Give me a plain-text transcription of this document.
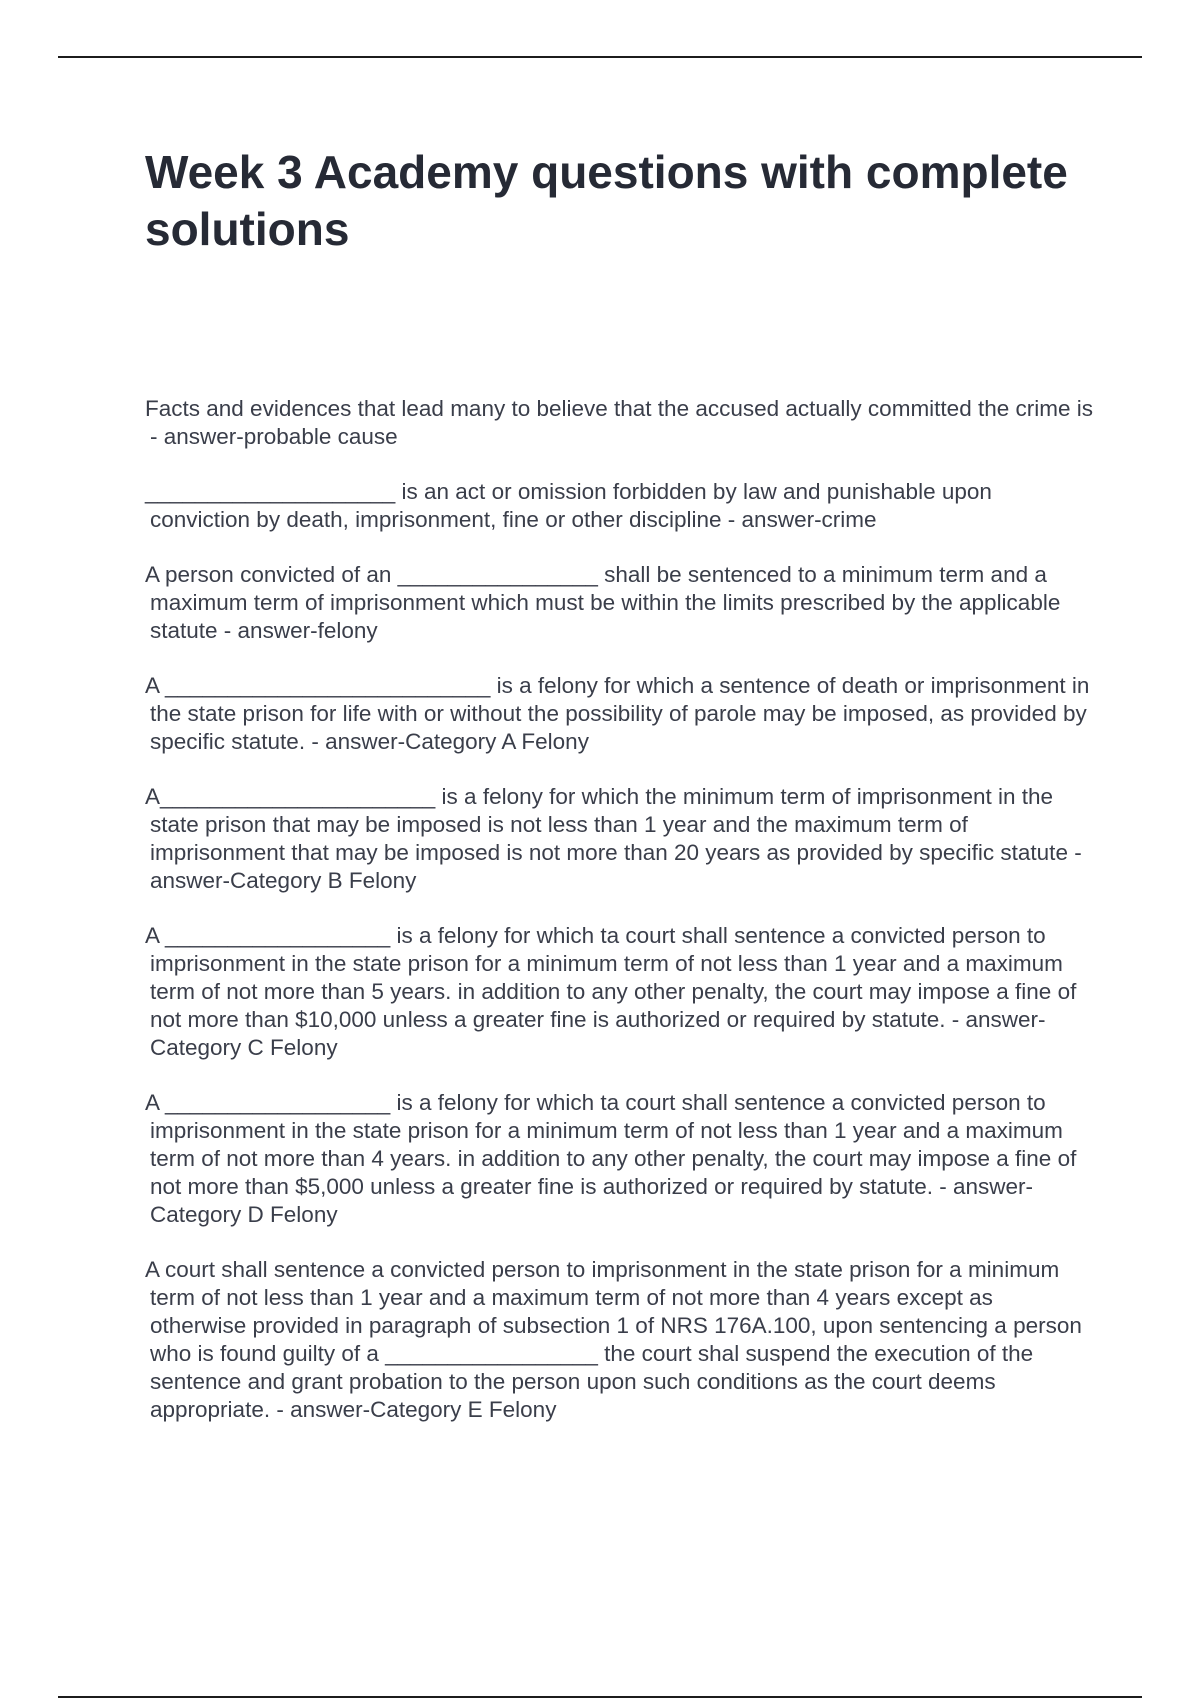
Week 3 Academy questions with complete solutions
Facts and evidences that lead many to believe that the accused actually committed the crime is - answer-probable cause
____________________ is an act or omission forbidden by law and punishable upon conviction by death, imprisonment, fine or other discipline - answer-crime
A person convicted of an ________________ shall be sentenced to a minimum term and a maximum term of imprisonment which must be within the limits prescribed by the applicable statute - answer-felony
A __________________________ is a felony for which a sentence of death or imprisonment in the state prison for life with or without the possibility of parole may be imposed, as provided by specific statute. - answer-Category A Felony
A______________________ is a felony for which the minimum term of imprisonment in the state prison that may be imposed is not less than 1 year and the maximum term of imprisonment that may be imposed is not more than 20 years as provided by specific statute - answer-Category B Felony
A __________________ is a felony for which ta court shall sentence a convicted person to imprisonment in the state prison for a minimum term of not less than 1 year and a maximum term of not more than 5 years. in addition to any other penalty, the court may impose a fine of not more than $10,000 unless a greater fine is authorized or required by statute. - answer-Category C Felony
A __________________ is a felony for which ta court shall sentence a convicted person to imprisonment in the state prison for a minimum term of not less than 1 year and a maximum term of not more than 4 years. in addition to any other penalty, the court may impose a fine of not more than $5,000 unless a greater fine is authorized or required by statute. - answer-Category D Felony
A court shall sentence a convicted person to imprisonment in the state prison for a minimum term of not less than 1 year and a maximum term of not more than 4 years except as otherwise provided in paragraph of subsection 1 of NRS 176A.100, upon sentencing a person who is found guilty of a _________________ the court shal suspend the execution of the sentence and grant probation to the person upon such conditions as the court deems appropriate. - answer-Category E Felony
